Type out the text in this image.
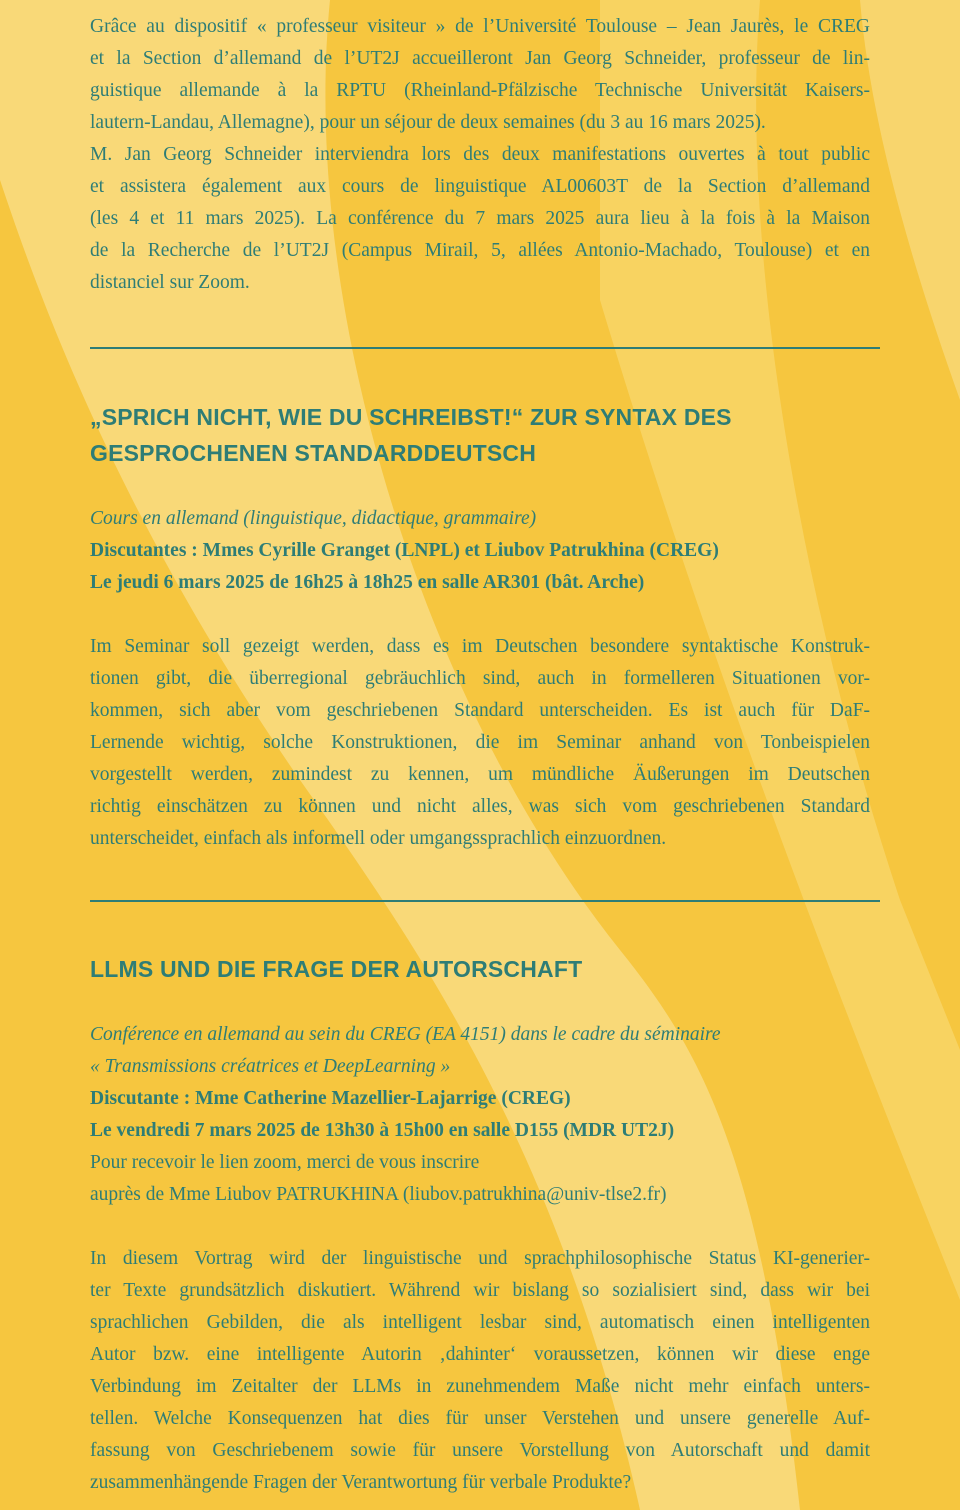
Grâce au dispositif « professeur visiteur » de l’Université Toulouse – Jean Jaurès, le CREG
et la Section d’allemand de l’UT2J accueilleront Jan Georg Schneider, professeur de lin-
guistique allemande à la RPTU (Rheinland-Pfälzische Technische Universität Kaisers-
lautern-Landau, Allemagne), pour un séjour de deux semaines (du 3 au 16 mars 2025).
M. Jan Georg Schneider interviendra lors des deux manifestations ouvertes à tout public
et assistera également aux cours de linguistique AL00603T de la Section d’allemand
(les 4 et 11 mars 2025). La conférence du 7 mars 2025 aura lieu à la fois à la Maison
de la Recherche de l’UT2J (Campus Mirail, 5, allées Antonio-Machado, Toulouse) et en
distanciel sur Zoom.
„SPRICH NICHT, WIE DU SCHREIBST!“ ZUR SYNTAX DES
GESPROCHENEN STANDARDDEUTSCH
Cours en allemand (linguistique, didactique, grammaire)
Discutantes : Mmes Cyrille Granget (LNPL) et Liubov Patrukhina (CREG)
Le jeudi 6 mars 2025 de 16h25 à 18h25 en salle AR301 (bât. Arche)
Im Seminar soll gezeigt werden, dass es im Deutschen besondere syntaktische Konstruk-
tionen gibt, die überregional gebräuchlich sind, auch in formelleren Situationen vor-
kommen, sich aber vom geschriebenen Standard unterscheiden. Es ist auch für DaF-
Lernende wichtig, solche Konstruktionen, die im Seminar anhand von Tonbeispielen
vorgestellt werden, zumindest zu kennen, um mündliche Äußerungen im Deutschen
richtig einschätzen zu können und nicht alles, was sich vom geschriebenen Standard
unterscheidet, einfach als informell oder umgangssprachlich einzuordnen.
LLMS UND DIE FRAGE DER AUTORSCHAFT
Conférence en allemand au sein du CREG (EA 4151) dans le cadre du séminaire
« Transmissions créatrices et DeepLearning »
Discutante : Mme Catherine Mazellier-Lajarrige (CREG)
Le vendredi 7 mars 2025 de 13h30 à 15h00 en salle D155 (MDR UT2J)
Pour recevoir le lien zoom, merci de vous inscrire
auprès de Mme Liubov PATRUKHINA (liubov.patrukhina@univ-tlse2.fr)
In diesem Vortrag wird der linguistische und sprachphilosophische Status KI-generier-
ter Texte grundsätzlich diskutiert. Während wir bislang so sozialisiert sind, dass wir bei
sprachlichen Gebilden, die als intelligent lesbar sind, automatisch einen intelligenten
Autor bzw. eine intelligente Autorin ‚dahinter‘ voraussetzen, können wir diese enge
Verbindung im Zeitalter der LLMs in zunehmendem Maße nicht mehr einfach unters-
tellen. Welche Konsequenzen hat dies für unser Verstehen und unsere generelle Auf-
fassung von Geschriebenem sowie für unsere Vorstellung von Autorschaft und damit
zusammenhängende Fragen der Verantwortung für verbale Produkte?
